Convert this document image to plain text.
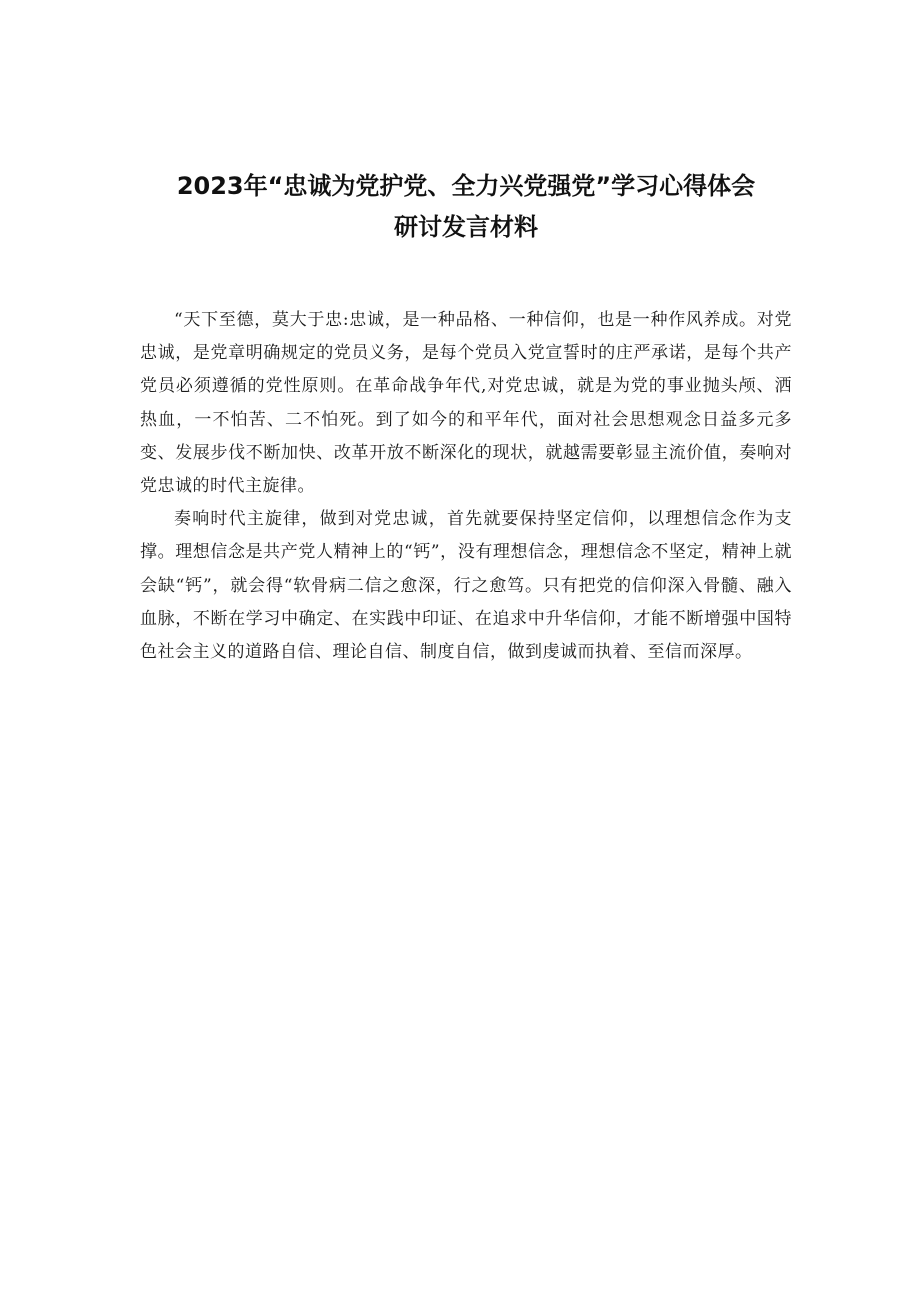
2023年“忠诚为党护党、全力兴党强党”学习心得体会
研讨发言材料

“天下至德，莫大于忠:忠诚，是一种品格、一种信仰，也是一种作风养成。对党忠诚，是党章明确规定的党员义务，是每个党员入党宣誓时的庄严承诺，是每个共产党员必须遵循的党性原则。在革命战争年代,对党忠诚，就是为党的事业抛头颅、洒热血，一不怕苦、二不怕死。到了如今的和平年代，面对社会思想观念日益多元多变、发展步伐不断加快、改革开放不断深化的现状，就越需要彰显主流价值，奏响对党忠诚的时代主旋律。

奏响时代主旋律，做到对党忠诚，首先就要保持坚定信仰，以理想信念作为支撑。理想信念是共产党人精神上的“钙”，没有理想信念，理想信念不坚定，精神上就会缺“钙”，就会得“软骨病二信之愈深，行之愈笃。只有把党的信仰深入骨髓、融入血脉，不断在学习中确定、在实践中印证、在追求中升华信仰，才能不断增强中国特色社会主义的道路自信、理论自信、制度自信，做到虔诚而执着、至信而深厚。
